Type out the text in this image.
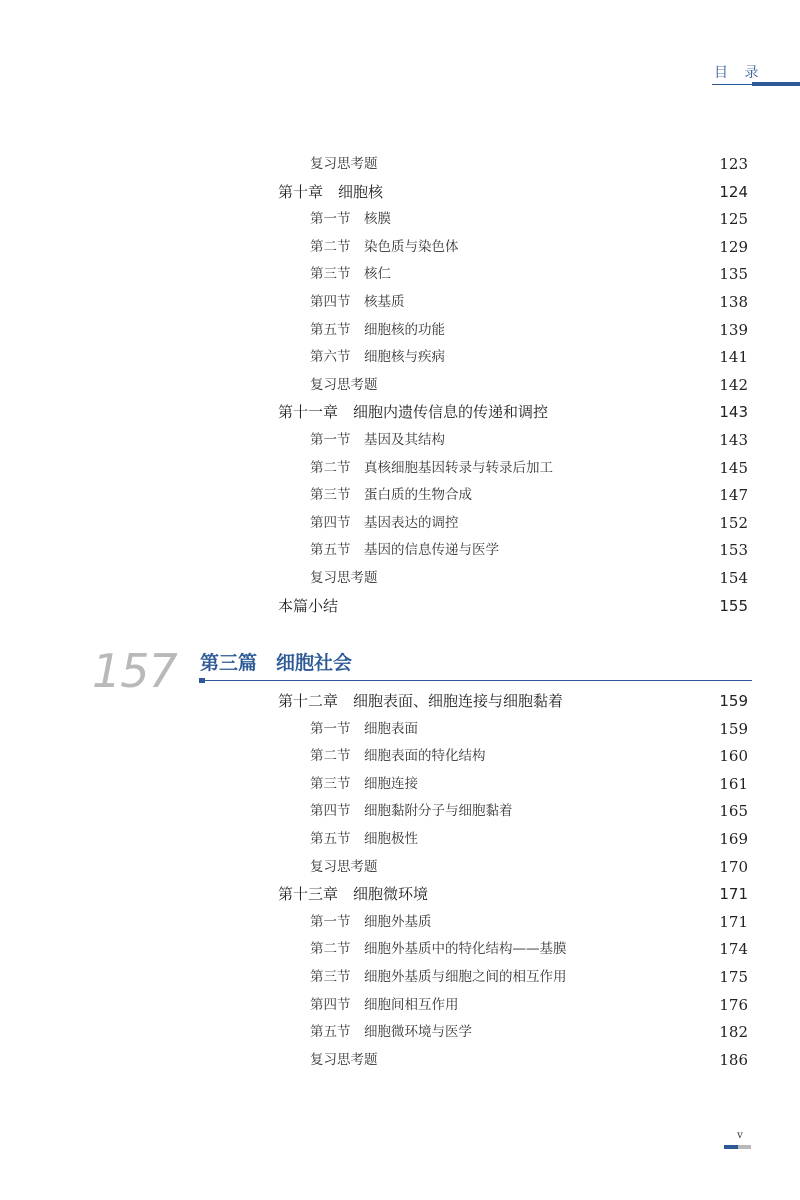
目 录
复习思考题	123
第十章　细胞核	124
第一节　核膜	125
第二节　染色质与染色体	129
第三节　核仁	135
第四节　核基质	138
第五节　细胞核的功能	139
第六节　细胞核与疾病	141
复习思考题	142
第十一章　细胞内遗传信息的传递和调控	143
第一节　基因及其结构	143
第二节　真核细胞基因转录与转录后加工	145
第三节　蛋白质的生物合成	147
第四节　基因表达的调控	152
第五节　基因的信息传递与医学	153
复习思考题	154
本篇小结	155
157 第三篇　细胞社会
第十二章　细胞表面、细胞连接与细胞黏着	159
第一节　细胞表面	159
第二节　细胞表面的特化结构	160
第三节　细胞连接	161
第四节　细胞黏附分子与细胞黏着	165
第五节　细胞极性	169
复习思考题	170
第十三章　细胞微环境	171
第一节　细胞外基质	171
第二节　细胞外基质中的特化结构——基膜	174
第三节　细胞外基质与细胞之间的相互作用	175
第四节　细胞间相互作用	176
第五节　细胞微环境与医学	182
复习思考题	186
v
